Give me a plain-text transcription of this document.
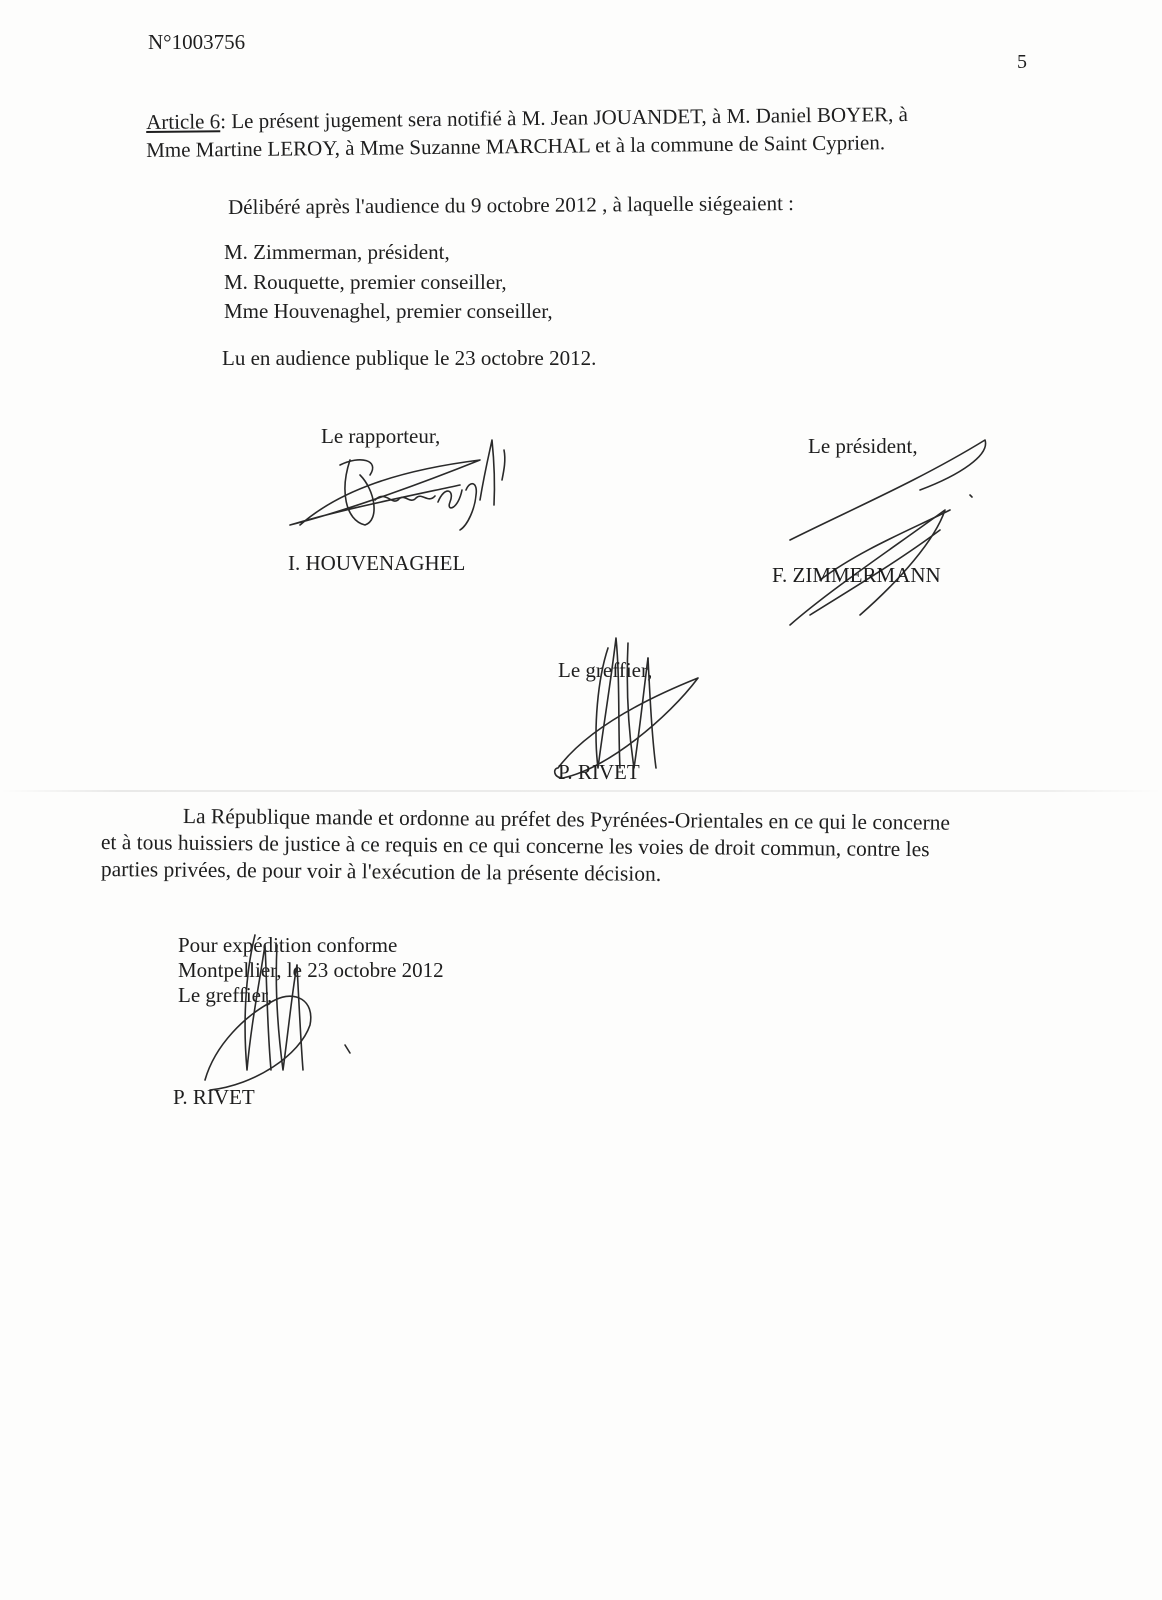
N°1003756
5
Article 6: Le présent jugement sera notifié à M. Jean JOUANDET, à M. Daniel BOYER, à
Mme Martine LEROY, à Mme Suzanne MARCHAL et à la commune de Saint Cyprien.
Délibéré après l'audience du 9 octobre 2012 , à laquelle siégeaient :
M. Zimmerman, président,
M. Rouquette, premier conseiller,
Mme Houvenaghel, premier conseiller,
Lu en audience publique le 23 octobre 2012.
Le rapporteur,
I. HOUVENAGHEL
Le président,
F. ZIMMERMANN
Le greffier,
P. RIVET
La République mande et ordonne au préfet des Pyrénées-Orientales en ce qui le concerne
et à tous huissiers de justice à ce requis en ce qui concerne les voies de droit commun, contre les
parties privées, de pour voir à l'exécution de la présente décision.
Pour expédition conforme
Montpellier, le 23 octobre 2012
Le greffier,
P. RIVET
